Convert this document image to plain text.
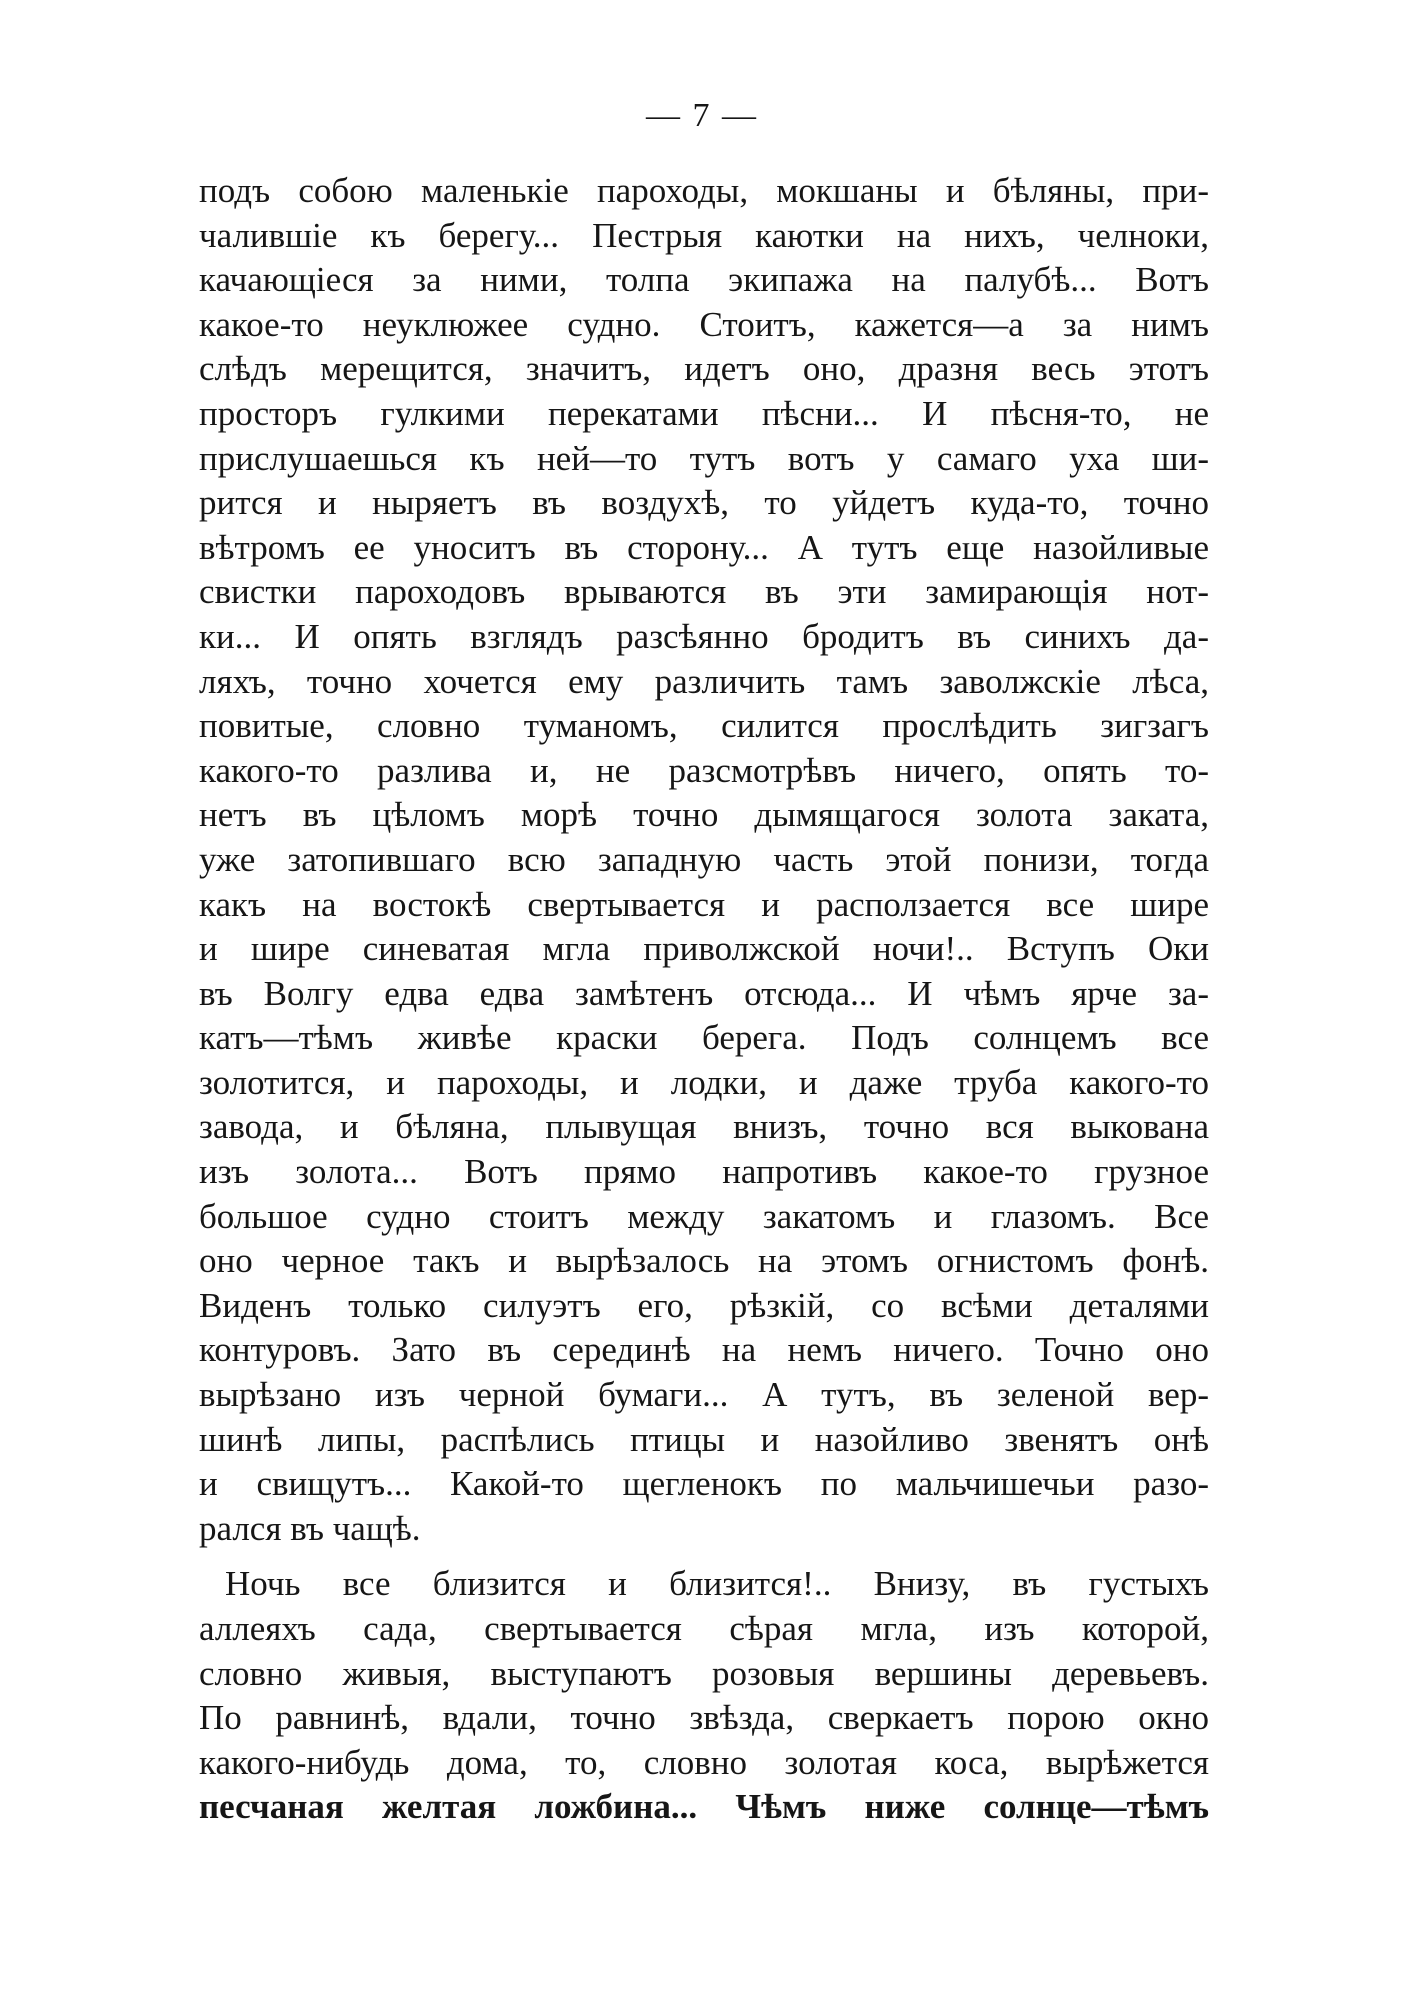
— 7 —

подъ собою маленькіе пароходы, мокшаны и бѣляны, при-
чалившіе къ берегу... Пестрыя каютки на нихъ, челноки,
качающіеся за ними, толпа экипажа на палубѣ... Вотъ
какое-то неуклюжее судно. Стоитъ, кажется—а за нимъ
слѣдъ мерещится, значитъ, идетъ оно, дразня весь этотъ
просторъ гулкими перекатами пѣсни... И пѣсня-то, не
прислушаешься къ ней—то тутъ вотъ у самаго уха ши-
рится и ныряетъ въ воздухѣ, то уйдетъ куда-то, точно
вѣтромъ ее уноситъ въ сторону... А тутъ еще назойливые
свистки пароходовъ врываются въ эти замирающія нот-
ки... И опять взглядъ разсѣянно бродитъ въ синихъ да-
ляхъ, точно хочется ему различить тамъ заволжскіе лѣса,
повитые, словно туманомъ, силится прослѣдить зигзагъ
какого-то разлива и, не разсмотрѣвъ ничего, опять то-
нетъ въ цѣломъ морѣ точно дымящагося золота заката,
уже затопившаго всю западную часть этой понизи, тогда
какъ на востокѣ свертывается и расползается все шире
и шире синеватая мгла приволжской ночи!.. Вступъ Оки
въ Волгу едва едва замѣтенъ отсюда... И чѣмъ ярче за-
катъ—тѣмъ живѣе краски берега. Подъ солнцемъ все
золотится, и пароходы, и лодки, и даже труба какого-то
завода, и бѣляна, плывущая внизъ, точно вся выкована
изъ золота... Вотъ прямо напротивъ какое-то грузное
большое судно стоитъ между закатомъ и глазомъ. Все
оно черное такъ и вырѣзалось на этомъ огнистомъ фонѣ.
Виденъ только силуэтъ его, рѣзкій, со всѣми деталями
контуровъ. Зато въ серединѣ на немъ ничего. Точно оно
вырѣзано изъ черной бумаги... А тутъ, въ зеленой вер-
шинѣ липы, распѣлись птицы и назойливо звенятъ онѣ
и свищутъ... Какой-то щегленокъ по мальчишечьи разо-
рался въ чащѣ.

Ночь все близится и близится!.. Внизу, въ густыхъ
аллеяхъ сада, свертывается сѣрая мгла, изъ которой,
словно живыя, выступаютъ розовыя вершины деревьевъ.
По равнинѣ, вдали, точно звѣзда, сверкаетъ порою окно
какого-нибудь дома, то, словно золотая коса, вырѣжется
песчаная желтая ложбина... Чѣмъ ниже солнце—тѣмъ
